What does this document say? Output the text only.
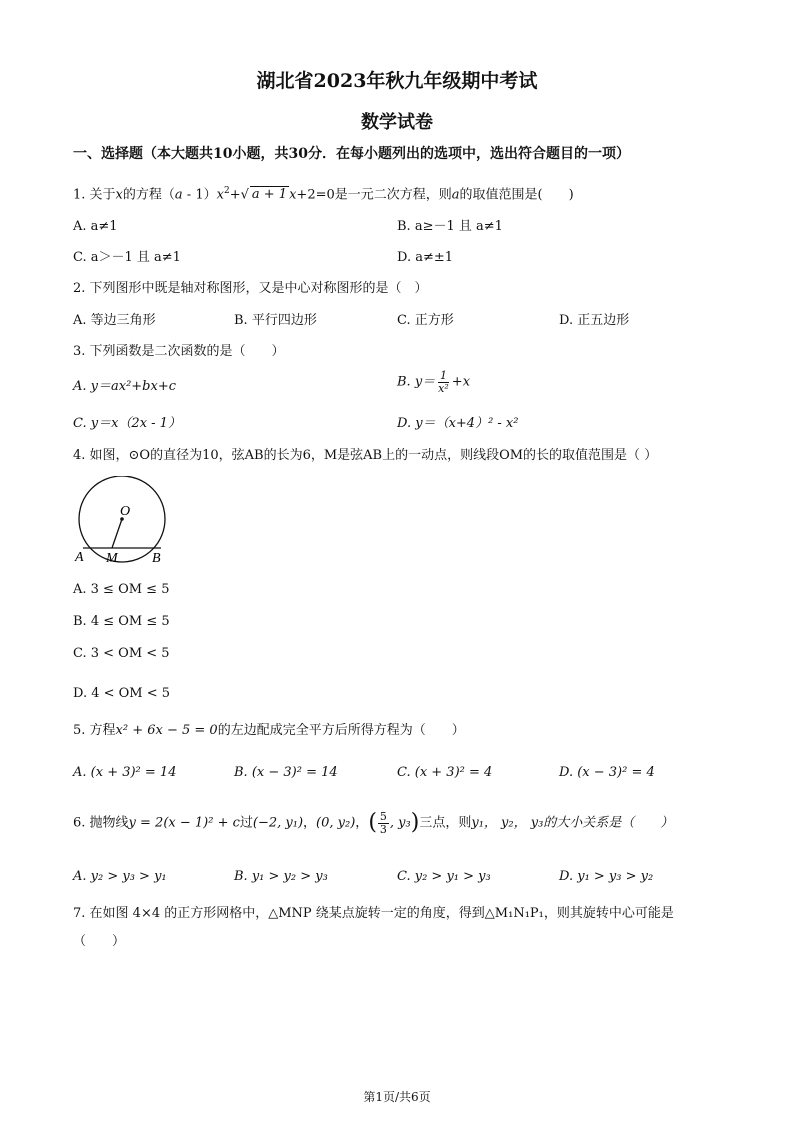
湖北省2023年秋九年级期中考试
数学试卷
一、选择题（本大题共10小题，共30分．在每小题列出的选项中，选出符合题目的一项）
1. 关于x的方程$(a - 1)x^2+√$ a + 1 x+2=0是一元二次方程，则a的取值范围是(　　)
A. a≠1	B. a≥－1 且 a≠1
C. a＞－1 且 a≠1	D. a≠±1
2. 下列图形中既是轴对称图形，又是中心对称图形的是（　）
A. 等边三角形	B. 平行四边形	C. 正方形	D. 正五边形
3. 下列函数是二次函数的是（　　）
A. y＝ax²+bx+c	B. $y= \frac{1}{\text{x²}} +x$
C. y＝x（2x - 1）	D. y＝（x+4）² - x²
4. 如图，⊙O的直径为10，弦AB的长为6，M是弦AB上的一动点，则线段OM的长的取值范围是（ ）
O
A M B
A. 3 ≤ OM ≤ 5
B. 4 ≤ OM ≤ 5
C. 3 < OM < 5
D. 4 < OM < 5
5. 方程x² + 6x − 5 = 0的左边配成完全平方后所得方程为（　　）
A. (x + 3)² = 14	B. (x − 3)² = 14	C. (x + 3)² = 4	D. (x − 3)² = 4
6. 抛物线y = 2(x − 1)² + c过(−2, y₁)，(0, y₂)，( $\frac{5}{3}$ , y₃)三点，则y₁， y₂， y₃的大小关系是（　　）
A. y₂ > y₃ > y₁	B. y₁ > y₂ > y₃	C. y₂ > y₁ > y₃	D. y₁ > y₃ > y₂
7. 在如图 4×4 的正方形网格中，△MNP 绕某点旋转一定的角度，得到△M₁N₁P₁，则其旋转中心可能是
（　　）
第1页/共6页
